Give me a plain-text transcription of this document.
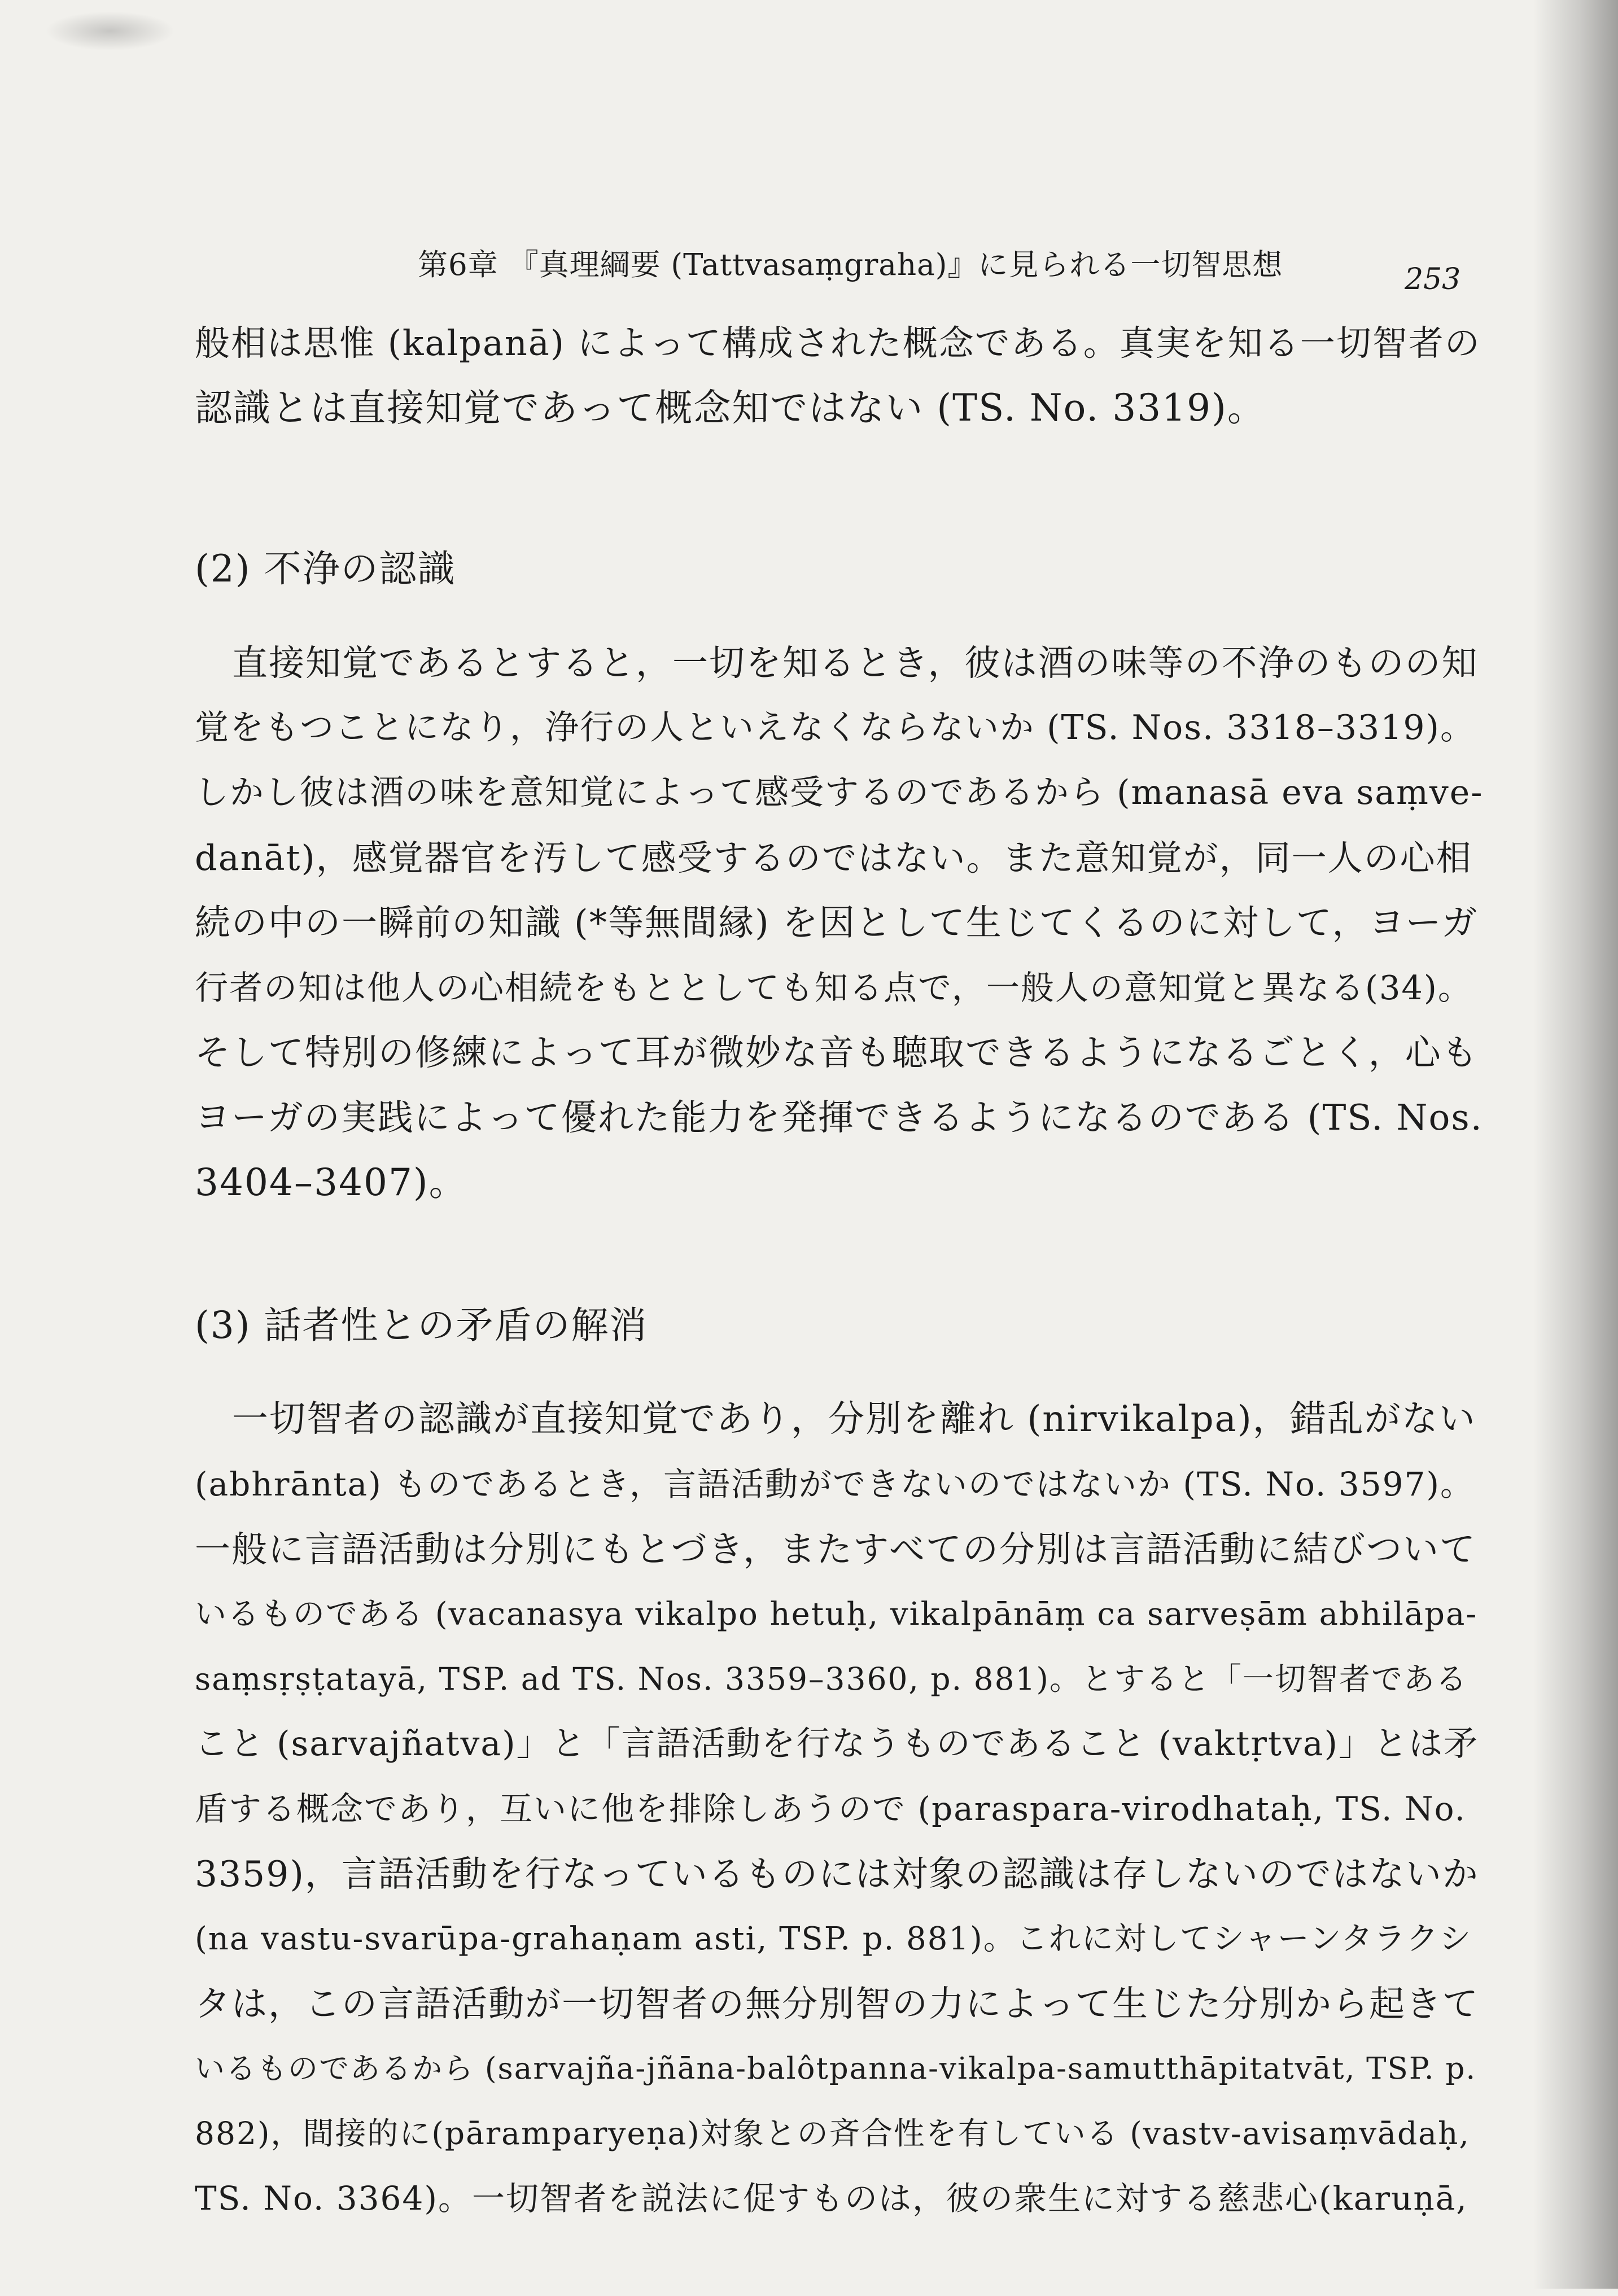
第6章 『真理綱要 (Tattvasaṃgraha)』に見られる一切智思想	253
般相は思惟 (kalpanā) によって構成された概念である。真実を知る一切智者の
認識とは直接知覚であって概念知ではない (TS. No. 3319)。
(2) 不浄の認識
直接知覚であるとすると，一切を知るとき，彼は酒の味等の不浄のものの知
覚をもつことになり，浄行の人といえなくならないか (TS. Nos. 3318–3319)。
しかし彼は酒の味を意知覚によって感受するのであるから (manasā eva saṃve-
danāt)，感覚器官を汚して感受するのではない。また意知覚が，同一人の心相
続の中の一瞬前の知識 (*等無間縁) を因として生じてくるのに対して，ヨーガ
行者の知は他人の心相続をもととしても知る点で，一般人の意知覚と異なる(34)。
そして特別の修練によって耳が微妙な音も聴取できるようになるごとく，心も
ヨーガの実践によって優れた能力を発揮できるようになるのである (TS. Nos.
3404–3407)。
(3) 話者性との矛盾の解消
一切智者の認識が直接知覚であり，分別を離れ (nirvikalpa)，錯乱がない
(abhrānta) ものであるとき，言語活動ができないのではないか (TS. No. 3597)。
一般に言語活動は分別にもとづき，またすべての分別は言語活動に結びついて
いるものである (vacanasya vikalpo hetuḥ, vikalpānāṃ ca sarveṣām abhilāpa-
saṃsṛṣṭatayā, TSP. ad TS. Nos. 3359–3360, p. 881)。とすると「一切智者である
こと (sarvajñatva)」と「言語活動を行なうものであること (vaktṛtva)」とは矛
盾する概念であり，互いに他を排除しあうので (paraspara-virodhataḥ, TS. No.
3359)，言語活動を行なっているものには対象の認識は存しないのではないか
(na vastu-svarūpa-grahaṇam asti, TSP. p. 881)。これに対してシャーンタラクシ
タは，この言語活動が一切智者の無分別智の力によって生じた分別から起きて
いるものであるから (sarvajña-jñāna-balôtpanna-vikalpa-samutthāpitatvāt, TSP. p.
882)，間接的に(pāramparyeṇa)対象との斉合性を有している (vastv-avisaṃvādaḥ,
TS. No. 3364)。一切智者を説法に促すものは，彼の衆生に対する慈悲心(karuṇā,
